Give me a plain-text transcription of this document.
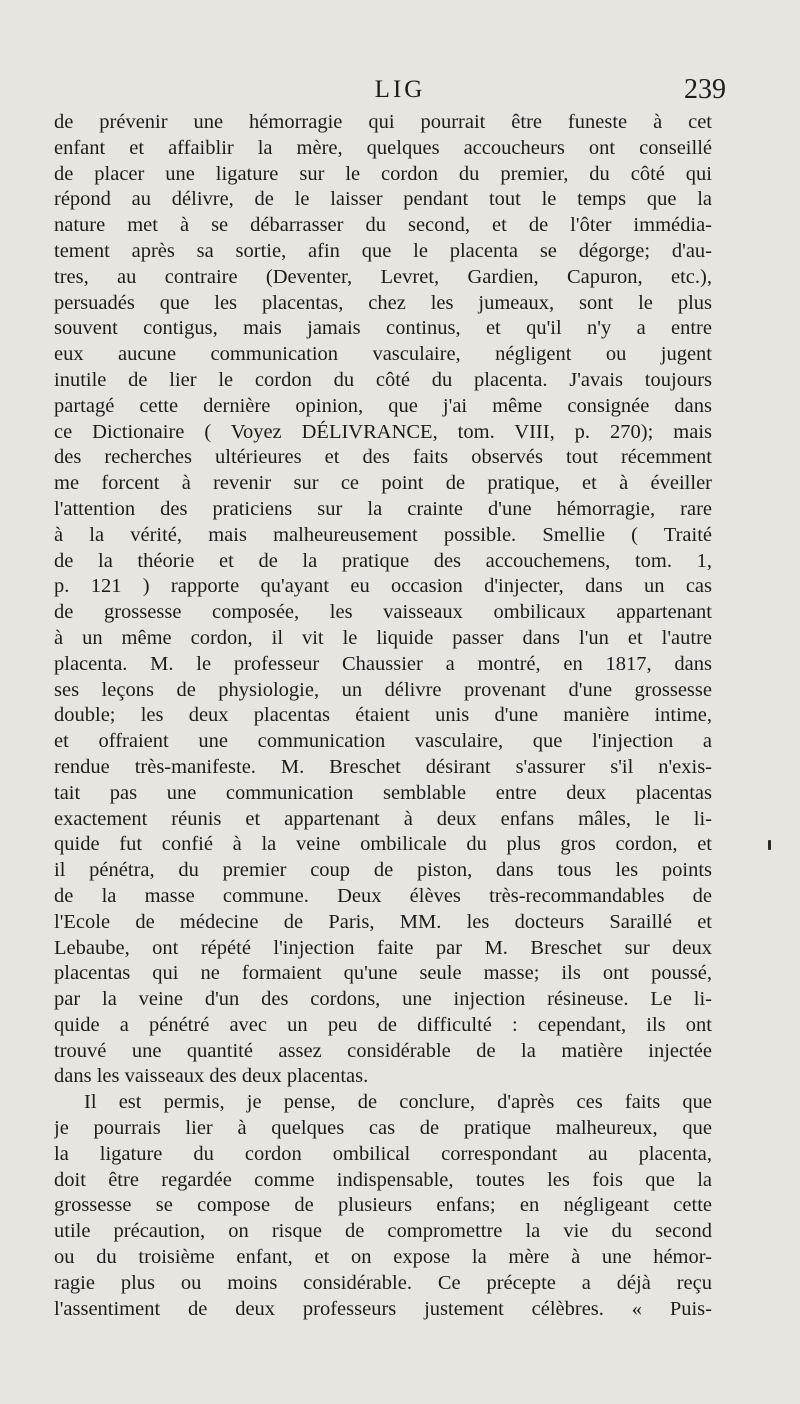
LIG	239
de prévenir une hémorragie qui pourrait être funeste à cet
enfant et affaiblir la mère, quelques accoucheurs ont conseillé
de placer une ligature sur le cordon du premier, du côté qui
répond au délivre, de le laisser pendant tout le temps que la
nature met à se débarrasser du second, et de l'ôter immédia-
tement après sa sortie, afin que le placenta se dégorge; d'au-
tres, au contraire (Deventer, Levret, Gardien, Capuron, etc.),
persuadés que les placentas, chez les jumeaux, sont le plus
souvent contigus, mais jamais continus, et qu'il n'y a entre
eux aucune communication vasculaire, négligent ou jugent
inutile de lier le cordon du côté du placenta. J'avais toujours
partagé cette dernière opinion, que j'ai même consignée dans
ce Dictionaire ( Voyez DÉLIVRANCE, tom. VIII, p. 270); mais
des recherches ultérieures et des faits observés tout récemment
me forcent à revenir sur ce point de pratique, et à éveiller
l'attention des praticiens sur la crainte d'une hémorragie, rare
à la vérité, mais malheureusement possible. Smellie ( Traité
de la théorie et de la pratique des accouchemens, tom. 1,
p. 121 ) rapporte qu'ayant eu occasion d'injecter, dans un cas
de grossesse composée, les vaisseaux ombilicaux appartenant
à un même cordon, il vit le liquide passer dans l'un et l'autre
placenta. M. le professeur Chaussier a montré, en 1817, dans
ses leçons de physiologie, un délivre provenant d'une grossesse
double; les deux placentas étaient unis d'une manière intime,
et offraient une communication vasculaire, que l'injection a
rendue très-manifeste. M. Breschet désirant s'assurer s'il n'exis-
tait pas une communication semblable entre deux placentas
exactement réunis et appartenant à deux enfans mâles, le li-
quide fut confié à la veine ombilicale du plus gros cordon, et
il pénétra, du premier coup de piston, dans tous les points
de la masse commune. Deux élèves très-recommandables de
l'Ecole de médecine de Paris, MM. les docteurs Saraillé et
Lebaube, ont répété l'injection faite par M. Breschet sur deux
placentas qui ne formaient qu'une seule masse; ils ont poussé,
par la veine d'un des cordons, une injection résineuse. Le li-
quide a pénétré avec un peu de difficulté : cependant, ils ont
trouvé une quantité assez considérable de la matière injectée
dans les vaisseaux des deux placentas.
Il est permis, je pense, de conclure, d'après ces faits que
je pourrais lier à quelques cas de pratique malheureux, que
la ligature du cordon ombilical correspondant au placenta,
doit être regardée comme indispensable, toutes les fois que la
grossesse se compose de plusieurs enfans; en négligeant cette
utile précaution, on risque de compromettre la vie du second
ou du troisième enfant, et on expose la mère à une hémor-
ragie plus ou moins considérable. Ce précepte a déjà reçu
l'assentiment de deux professeurs justement célèbres. « Puis-
